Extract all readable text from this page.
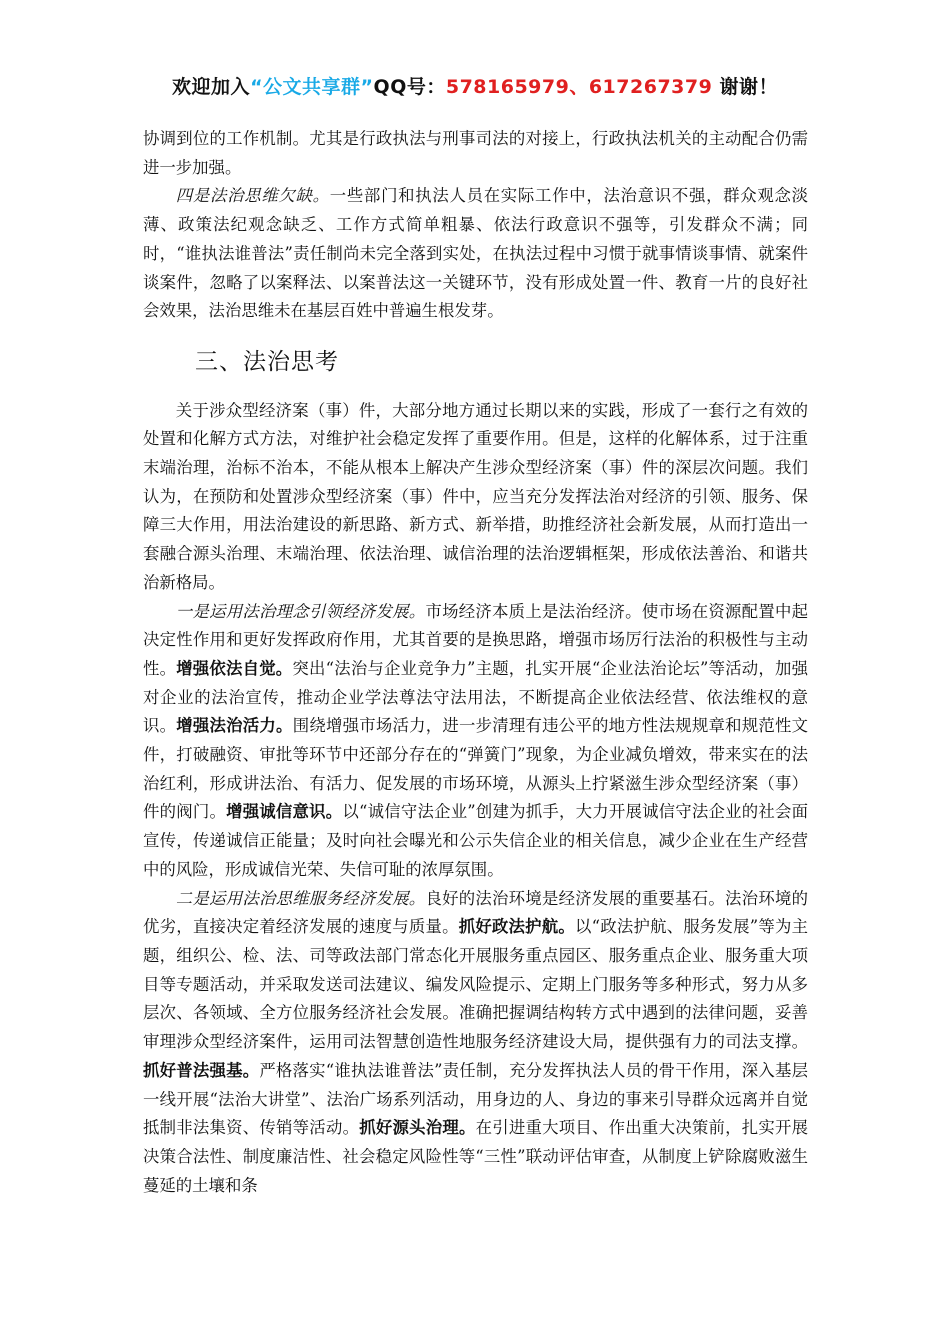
欢迎加入“公文共享群”QQ号：578165979、617267379 谢谢！

协调到位的工作机制。尤其是行政执法与刑事司法的对接上，行政执法机关的主动配合仍需进一步加强。

四是法治思维欠缺。一些部门和执法人员在实际工作中，法治意识不强，群众观念淡薄、政策法纪观念缺乏、工作方式简单粗暴、依法行政意识不强等，引发群众不满；同时，“谁执法谁普法”责任制尚未完全落到实处，在执法过程中习惯于就事情谈事情、就案件谈案件，忽略了以案释法、以案普法这一关键环节，没有形成处置一件、教育一片的良好社会效果，法治思维未在基层百姓中普遍生根发芽。

三、法治思考

关于涉众型经济案（事）件，大部分地方通过长期以来的实践，形成了一套行之有效的处置和化解方式方法，对维护社会稳定发挥了重要作用。但是，这样的化解体系，过于注重末端治理，治标不治本，不能从根本上解决产生涉众型经济案（事）件的深层次问题。我们认为，在预防和处置涉众型经济案（事）件中，应当充分发挥法治对经济的引领、服务、保障三大作用，用法治建设的新思路、新方式、新举措，助推经济社会新发展，从而打造出一套融合源头治理、末端治理、依法治理、诚信治理的法治逻辑框架，形成依法善治、和谐共治新格局。

一是运用法治理念引领经济发展。市场经济本质上是法治经济。使市场在资源配置中起决定性作用和更好发挥政府作用，尤其首要的是换思路，增强市场厉行法治的积极性与主动性。增强依法自觉。突出“法治与企业竞争力”主题，扎实开展“企业法治论坛”等活动，加强对企业的法治宣传，推动企业学法尊法守法用法，不断提高企业依法经营、依法维权的意识。增强法治活力。围绕增强市场活力，进一步清理有违公平的地方性法规规章和规范性文件，打破融资、审批等环节中还部分存在的“弹簧门”现象，为企业减负增效，带来实在的法治红利，形成讲法治、有活力、促发展的市场环境，从源头上拧紧滋生涉众型经济案（事）件的阀门。增强诚信意识。以“诚信守法企业”创建为抓手，大力开展诚信守法企业的社会面宣传，传递诚信正能量；及时向社会曝光和公示失信企业的相关信息，减少企业在生产经营中的风险，形成诚信光荣、失信可耻的浓厚氛围。

二是运用法治思维服务经济发展。良好的法治环境是经济发展的重要基石。法治环境的优劣，直接决定着经济发展的速度与质量。抓好政法护航。以“政法护航、服务发展”等为主题，组织公、检、法、司等政法部门常态化开展服务重点园区、服务重点企业、服务重大项目等专题活动，并采取发送司法建议、编发风险提示、定期上门服务等多种形式，努力从多层次、各领域、全方位服务经济社会发展。准确把握调结构转方式中遇到的法律问题，妥善审理涉众型经济案件，运用司法智慧创造性地服务经济建设大局，提供强有力的司法支撑。抓好普法强基。严格落实“谁执法谁普法”责任制，充分发挥执法人员的骨干作用，深入基层一线开展“法治大讲堂”、法治广场系列活动，用身边的人、身边的事来引导群众远离并自觉抵制非法集资、传销等活动。抓好源头治理。在引进重大项目、作出重大决策前，扎实开展决策合法性、制度廉洁性、社会稳定风险性等“三性”联动评估审查，从制度上铲除腐败滋生蔓延的土壤和条
